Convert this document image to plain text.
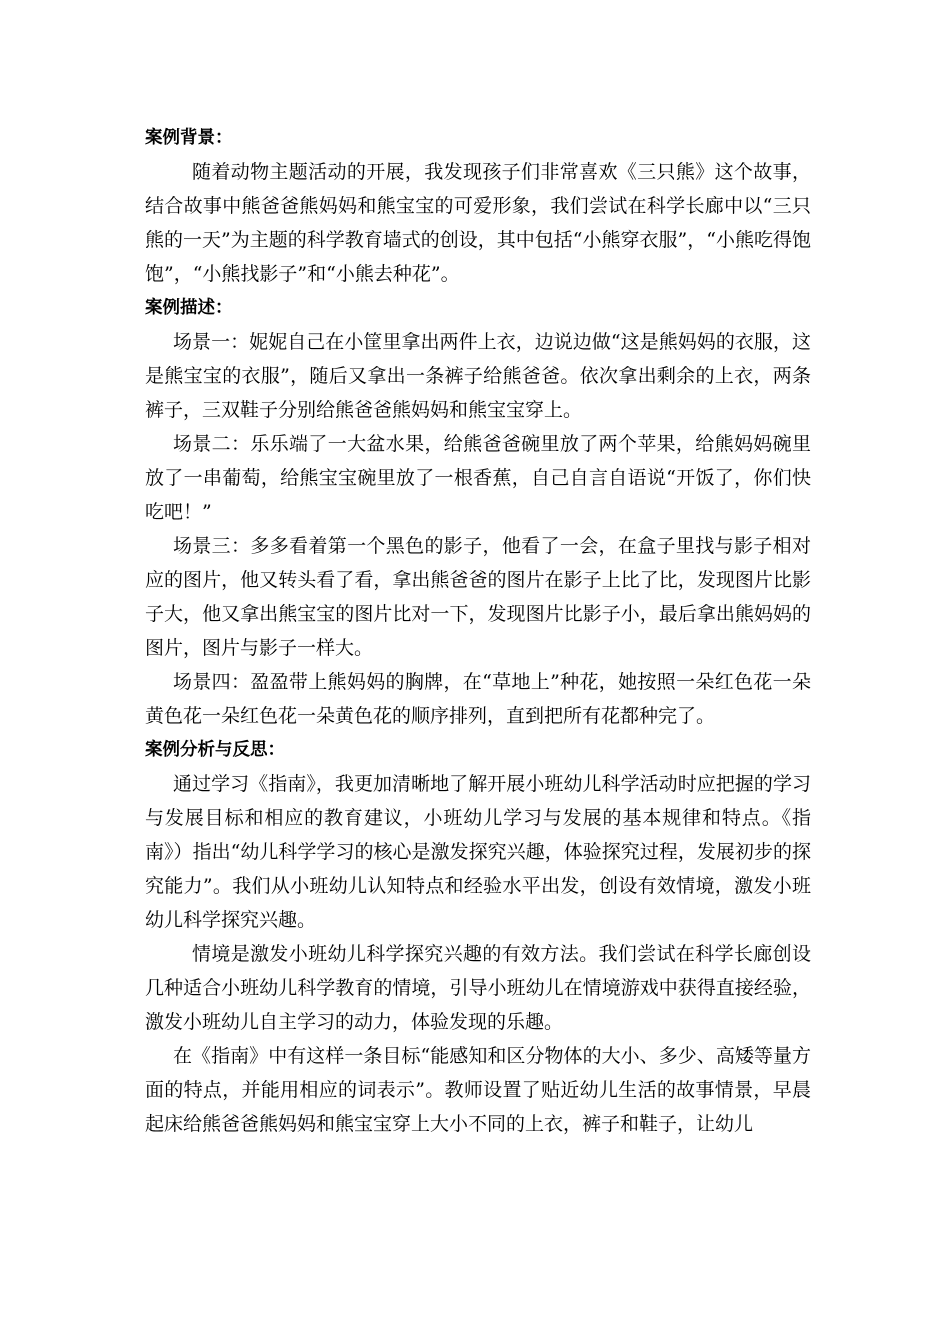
案例背景：

随着动物主题活动的开展，我发现孩子们非常喜欢《三只熊》这个故事，结合故事中熊爸爸熊妈妈和熊宝宝的可爱形象，我们尝试在科学长廊中以“三只熊的一天”为主题的科学教育墙式的创设，其中包括“小熊穿衣服”，“小熊吃得饱饱”，“小熊找影子”和“小熊去种花”。

案例描述：

场景一：妮妮自己在小筐里拿出两件上衣，边说边做“这是熊妈妈的衣服，这是熊宝宝的衣服”，随后又拿出一条裤子给熊爸爸。依次拿出剩余的上衣，两条裤子，三双鞋子分别给熊爸爸熊妈妈和熊宝宝穿上。

场景二：乐乐端了一大盆水果，给熊爸爸碗里放了两个苹果，给熊妈妈碗里放了一串葡萄，给熊宝宝碗里放了一根香蕉，自己自言自语说“开饭了，你们快吃吧！”

场景三：多多看着第一个黑色的影子，他看了一会，在盒子里找与影子相对应的图片，他又转头看了看，拿出熊爸爸的图片在影子上比了比，发现图片比影子大，他又拿出熊宝宝的图片比对一下，发现图片比影子小，最后拿出熊妈妈的图片，图片与影子一样大。

场景四：盈盈带上熊妈妈的胸牌，在“草地上”种花，她按照一朵红色花一朵黄色花一朵红色花一朵黄色花的顺序排列，直到把所有花都种完了。

案例分析与反思：

通过学习《指南》，我更加清晰地了解开展小班幼儿科学活动时应把握的学习与发展目标和相应的教育建议，小班幼儿学习与发展的基本规律和特点。《指南》）指出“幼儿科学学习的核心是激发探究兴趣，体验探究过程，发展初步的探究能力”。我们从小班幼儿认知特点和经验水平出发，创设有效情境，激发小班幼儿科学探究兴趣。

情境是激发小班幼儿科学探究兴趣的有效方法。我们尝试在科学长廊创设几种适合小班幼儿科学教育的情境，引导小班幼儿在情境游戏中获得直接经验，激发小班幼儿自主学习的动力，体验发现的乐趣。

在《指南》中有这样一条目标“能感知和区分物体的大小、多少、高矮等量方面的特点，并能用相应的词表示”。教师设置了贴近幼儿生活的故事情景，早晨起床给熊爸爸熊妈妈和熊宝宝穿上大小不同的上衣，裤子和鞋子，让幼儿
